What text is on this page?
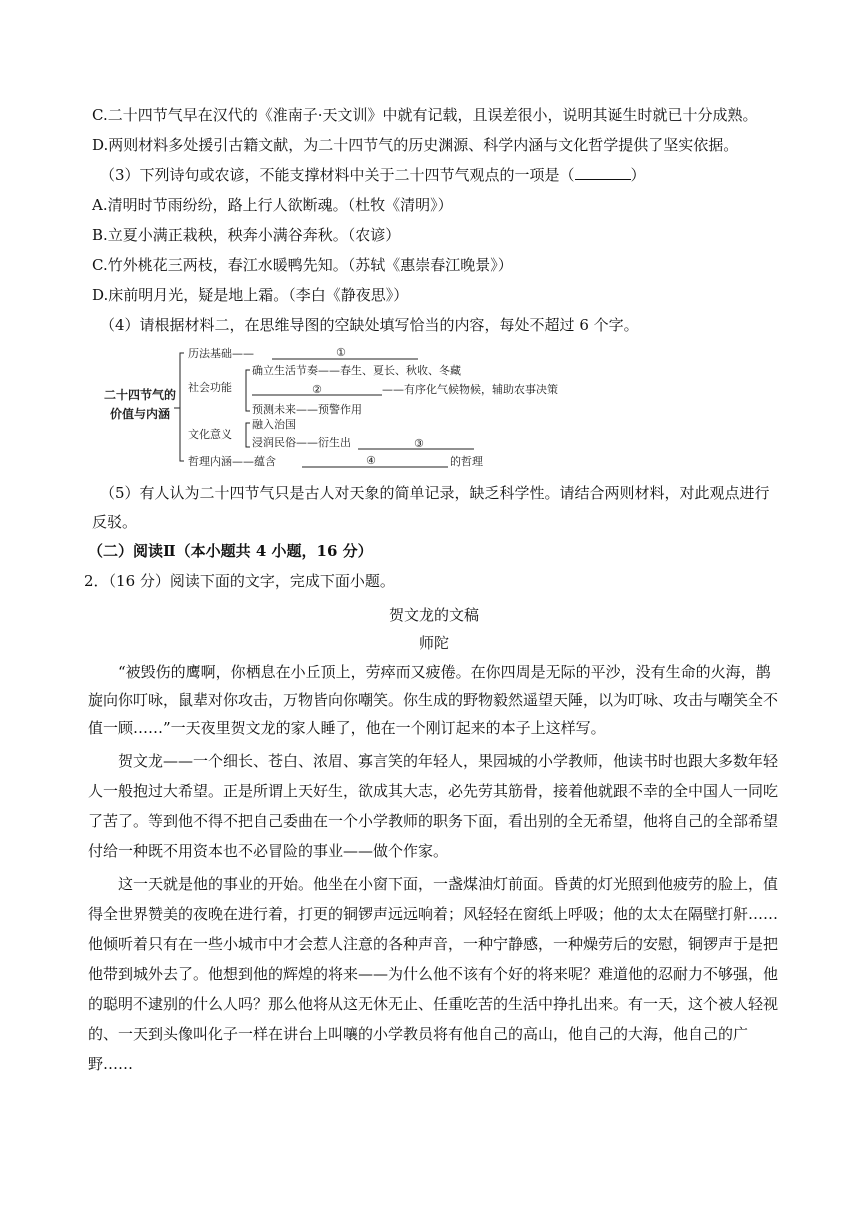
C.二十四节气早在汉代的《淮南子·天文训》中就有记载，且误差很小，说明其诞生时就已十分成熟。
D.两则材料多处援引古籍文献，为二十四节气的历史渊源、科学内涵与文化哲学提供了坚实依据。
（3）下列诗句或农谚，不能支撑材料中关于二十四节气观点的一项是（	）
A.清明时节雨纷纷，路上行人欲断魂。（杜牧《清明》）
B.立夏小满正栽秧，秧奔小满谷奔秋。（农谚）
C.竹外桃花三两枝，春江水暖鸭先知。（苏轼《惠崇春江晚景》）
D.床前明月光，疑是地上霜。（李白《静夜思》）
（4）请根据材料二，在思维导图的空缺处填写恰当的内容，每处不超过 6 个字。
二十四节气的
价值与内涵
历法基础——	①
社会功能
确立生活节奏——春生、夏长、秋收、冬藏
②	——有序化气候物候，辅助农事决策
预测未来——预警作用
文化意义
融入治国
浸润民俗——衍生出	③
哲理内涵——蕴含	④	的哲理
（5）有人认为二十四节气只是古人对天象的简单记录，缺乏科学性。请结合两则材料，对此观点进行
反驳。
（二）阅读Ⅱ（本小题共 4 小题，16 分）
2．（16 分）阅读下面的文字，完成下面小题。
贺文龙的文稿
师陀
“被毁伤的鹰啊，你栖息在小丘顶上，劳瘁而又疲倦。在你四周是无际的平沙，没有生命的火海，鹊
旋向你叮咏，鼠辈对你攻击，万物皆向你嘲笑。你生成的野物毅然遥望天陲，以为叮咏、攻击与嘲笑全不
值一顾……”一天夜里贺文龙的家人睡了，他在一个刚订起来的本子上这样写。
贺文龙——一个细长、苍白、浓眉、寡言笑的年轻人，果园城的小学教师，他读书时也跟大多数年轻
人一般抱过大希望。正是所谓上天好生，欲成其大志，必先劳其筋骨，接着他就跟不幸的全中国人一同吃
了苦了。等到他不得不把自己委曲在一个小学教师的职务下面，看出别的全无希望，他将自己的全部希望
付给一种既不用资本也不必冒险的事业——做个作家。
这一天就是他的事业的开始。他坐在小窗下面，一盏煤油灯前面。昏黄的灯光照到他疲劳的脸上，值
得全世界赞美的夜晚在进行着，打更的铜锣声远远响着；风轻轻在窗纸上呼吸；他的太太在隔壁打鼾……
他倾听着只有在一些小城市中才会惹人注意的各种声音，一种宁静感，一种燥劳后的安慰，铜锣声于是把
他带到城外去了。他想到他的辉煌的将来——为什么他不该有个好的将来呢？难道他的忍耐力不够强，他
的聪明不逮别的什么人吗？那么他将从这无休无止、任重吃苦的生活中挣扎出来。有一天，这个被人轻视
的、一天到头像叫化子一样在讲台上叫嚷的小学教员将有他自己的高山，他自己的大海，他自己的广
野……
